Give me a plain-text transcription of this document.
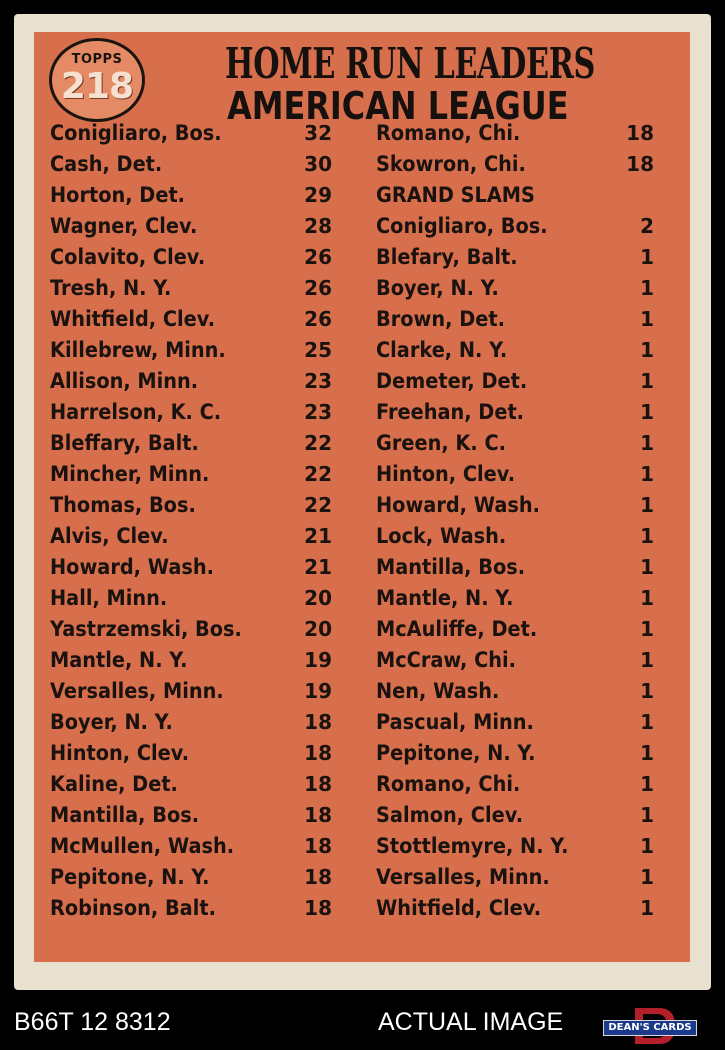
TOPPS
218 HOME RUN LEADERS
AMERICAN LEAGUE
Conigliaro, Bos.	32
Cash, Det.	30
Horton, Det.	29
Wagner, Clev.	28
Colavito, Clev.	26
Tresh, N. Y.	26
Whitfield, Clev.	26
Killebrew, Minn.	25
Allison, Minn.	23
Harrelson, K. C.	23
Bleffary, Balt.	22
Mincher, Minn.	22
Thomas, Bos.	22
Alvis, Clev.	21
Howard, Wash.	21
Hall, Minn.	20
Yastrzemski, Bos.	20
Mantle, N. Y.	19
Versalles, Minn.	19
Boyer, N. Y.	18
Hinton, Clev.	18
Kaline, Det.	18
Mantilla, Bos.	18
McMullen, Wash.	18
Pepitone, N. Y.	18
Robinson, Balt.	18
Romano, Chi.	18
Skowron, Chi.	18
GRAND SLAMS
Conigliaro, Bos.	2
Blefary, Balt.	1
Boyer, N. Y.	1
Brown, Det.	1
Clarke, N. Y.	1
Demeter, Det.	1
Freehan, Det.	1
Green, K. C.	1
Hinton, Clev.	1
Howard, Wash.	1
Lock, Wash.	1
Mantilla, Bos.	1
Mantle, N. Y.	1
McAuliffe, Det.	1
McCraw, Chi.	1
Nen, Wash.	1
Pascual, Minn.	1
Pepitone, N. Y.	1
Romano, Chi.	1
Salmon, Clev.	1
Stottlemyre, N. Y.	1
Versalles, Minn.	1
Whitfield, Clev.	1
B66T 12 8312	ACTUAL IMAGE	DEAN'S CARDS
